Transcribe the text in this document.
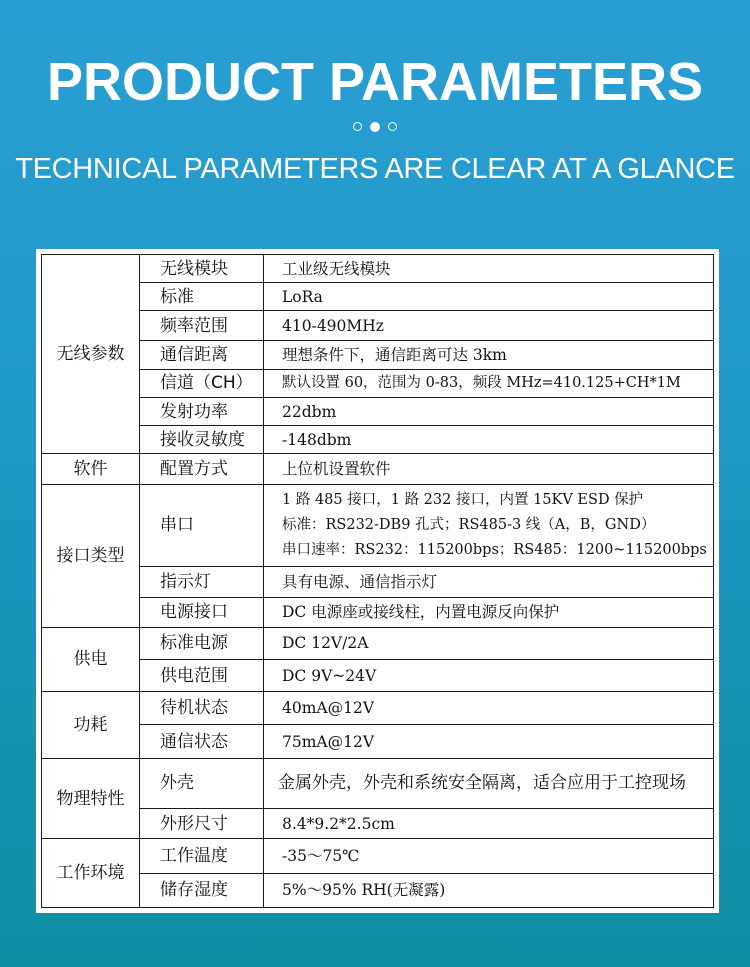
PRODUCT PARAMETERS
TECHNICAL PARAMETERS ARE CLEAR AT A GLANCE
无线参数	无线模块	工业级无线模块
	标准	LoRa
	频率范围	410-490MHz
	通信距离	理想条件下，通信距离可达 3km
	信道（CH）	默认设置 60，范围为 0-83，频段 MHz=410.125+CH*1M
	发射功率	22dbm
	接收灵敏度	-148dbm
软件	配置方式	上位机设置软件
接口类型	串口	1 路 485 接口，1 路 232 接口，内置 15KV ESD 保护
标准：RS232-DB9 孔式；RS485-3 线（A，B，GND）
串口速率：RS232：115200bps；RS485：1200~115200bps

	指示灯	具有电源、通信指示灯
	电源接口	DC 电源座或接线柱，内置电源反向保护
供电	标准电源	DC 12V/2A
	供电范围	DC 9V~24V
功耗	待机状态	40mA@12V
	通信状态	75mA@12V
物理特性	外壳	金属外壳，外壳和系统安全隔离，适合应用于工控现场
	外形尺寸	8.4*9.2*2.5cm
工作环境	工作温度	-35～75℃
	储存湿度	5%～95% RH(无凝露)
